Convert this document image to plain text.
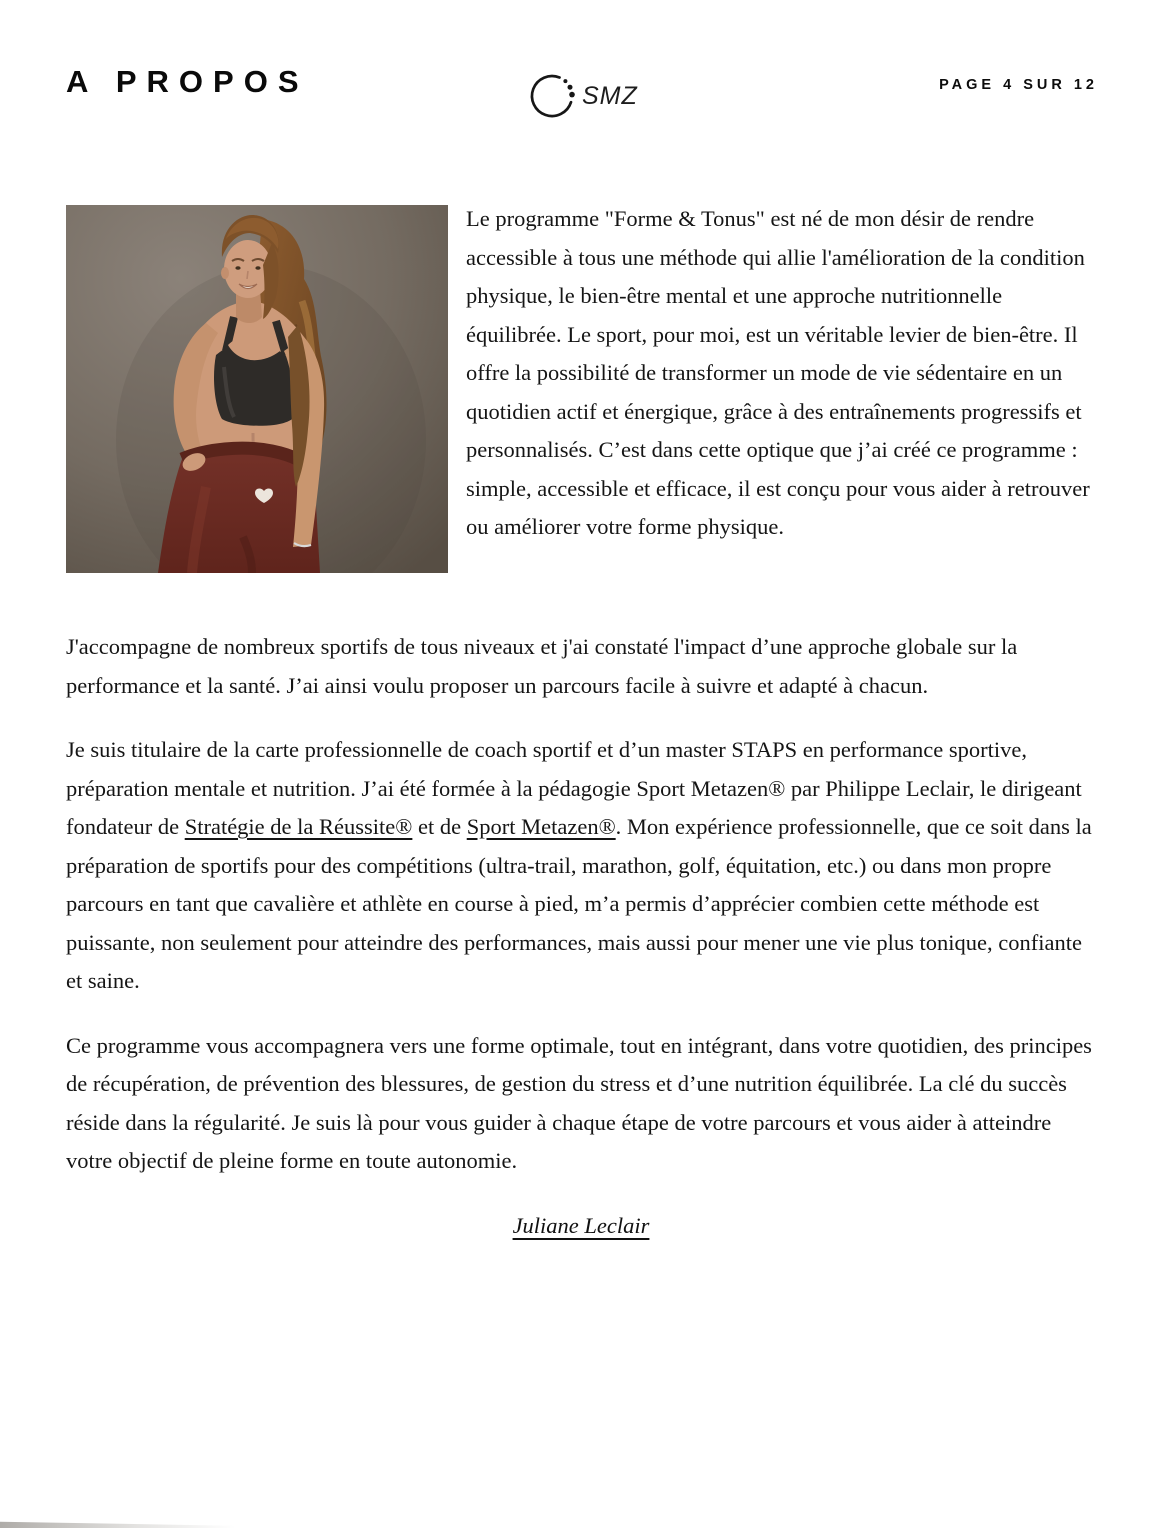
SMZ	PAGE 4 SUR 12
A PROPOS

Le programme "Forme & Tonus" est né de mon désir de rendre accessible à tous une méthode qui allie l'amélioration de la condition physique, le bien-être mental et une approche nutritionnelle équilibrée. Le sport, pour moi, est un véritable levier de bien-être. Il offre la possibilité de transformer un mode de vie sédentaire en un quotidien actif et énergique, grâce à des entraînements progressifs et personnalisés. C’est dans cette optique que j’ai créé ce programme : simple, accessible et efficace, il est conçu pour vous aider à retrouver ou améliorer votre forme physique.

J'accompagne de nombreux sportifs de tous niveaux et j'ai constaté l'impact d’une approche globale sur la performance et la santé. J’ai ainsi voulu proposer un parcours facile à suivre et adapté à chacun.

Je suis titulaire de la carte professionnelle de coach sportif et d’un master STAPS en performance sportive, préparation mentale et nutrition. J’ai été formée à la pédagogie Sport Metazen® par Philippe Leclair, le dirigeant fondateur de Stratégie de la Réussite® et de Sport Metazen®. Mon expérience professionnelle, que ce soit dans la préparation de sportifs pour des compétitions (ultra-trail, marathon, golf, équitation, etc.) ou dans mon propre parcours en tant que cavalière et athlète en course à pied, m’a permis d’apprécier combien cette méthode est puissante, non seulement pour atteindre des performances, mais aussi pour mener une vie plus tonique, confiante et saine.

Ce programme vous accompagnera vers une forme optimale, tout en intégrant, dans votre quotidien, des principes de récupération, de prévention des blessures, de gestion du stress et d’une nutrition équilibrée. La clé du succès réside dans la régularité. Je suis là pour vous guider à chaque étape de votre parcours et vous aider à atteindre votre objectif de pleine forme en toute autonomie.

Juliane Leclair
